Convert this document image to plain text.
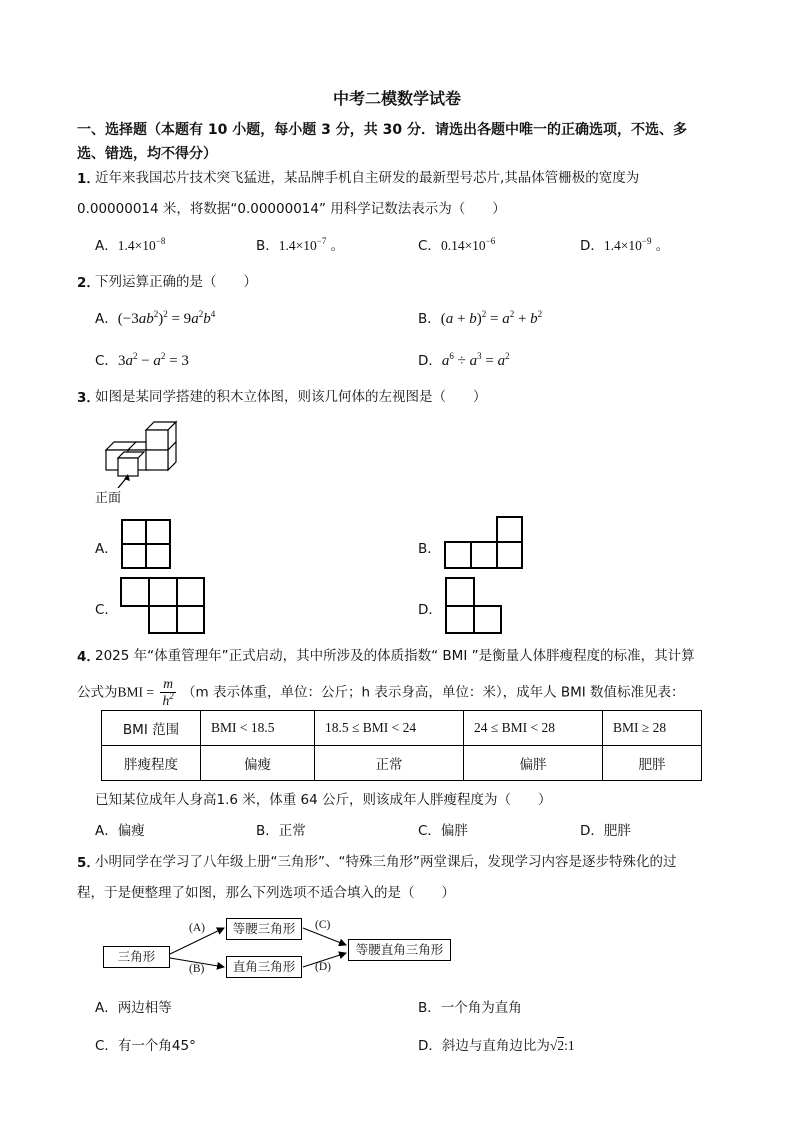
中考二模数学试卷
一、选择题（本题有 10 小题，每小题 3 分，共 30 分．请选出各题中唯一的正确选项，不选、多
选、错选，均不得分）
1．
近年来我国芯片技术突飞猛进，某品牌手机自主研发的最新型号芯片,其晶体管栅极的宽度为
0.00000014 米，将数据“0.00000014” 用科学记数法表示为（　　）
A．$1.4\times 10^{-8}$	B．$1.4\times 10^{-7}$ 。	C．$0.14\times 10^{-6}$	D．$1.4\times 10^{-9}$ 。
2．
下列运算正确的是（　　）
A．$(-3ab^2)^2 = 9a^2b^4$	B．$(a + b)^2 = a^2 + b^2$
C．$3a^2 - a^2 = 3$	D．$a^6 \div a^3 = a^2$
3．
如图是某同学搭建的积木立体图，则该几何体的左视图是（　　）
正面
A．	B．
C．	D．
4．
2025 年“体重管理年”正式启动，其中所涉及的体质指数“ BMI ”是衡量人体胖瘦程度的标准，其计算
公式为BMI = $\frac{m}{h^2} (m$ 表示体重，单位：公斤；h 表示身高，单位：米），成年人 BMI 数值标准见表：
BMI 范围	BMI < 18.5	18.5 ≤ BMI < 24	24 ≤ BMI < 28	BMI ≥ 28
胖瘦程度	偏瘦	正常	偏胖	肥胖
已知某位成年人身高1.6 米，体重 64 公斤，则该成年人胖瘦程度为（　　）
A．偏瘦	B．正常	C．偏胖	D．肥胖
5．
小明同学在学习了八年级上册“三角形”、“特殊三角形”两堂课后，发现学习内容是逐步特殊化的过
程，于是便整理了如图，那么下列选项不适合填入的是（　　）
三角形
等腰三角形
直角三角形
等腰直角三角形
(A)
(B)
(C)
(D)
A．两边相等	B．一个角为直角
C．有一个角45°	D．斜边与直角边比为√2:1
